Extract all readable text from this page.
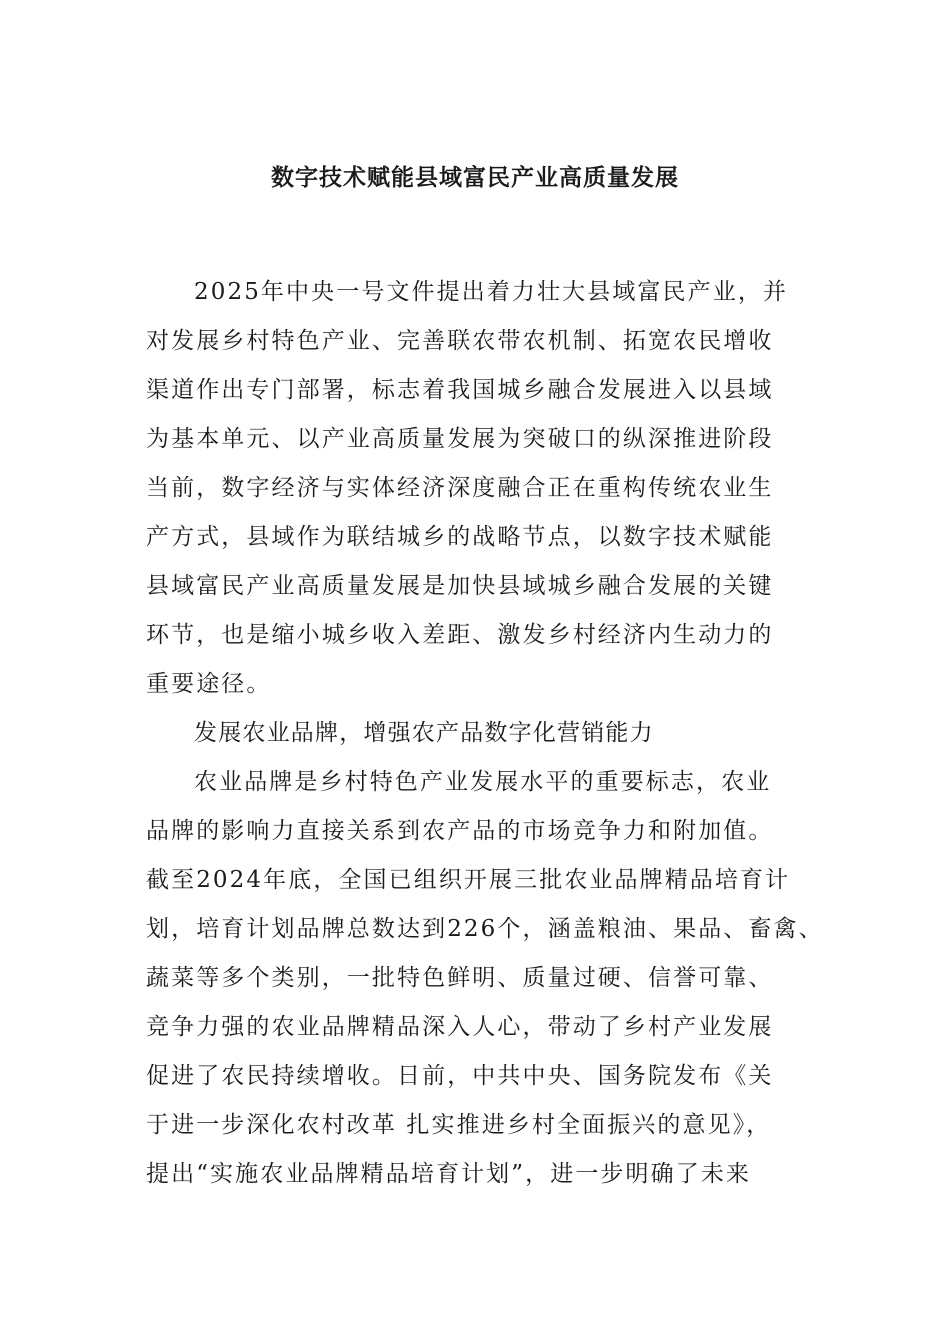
数字技术赋能县域富民产业高质量发展
2025年中央一号文件提出着力壮大县域富民产业，并
对发展乡村特色产业、完善联农带农机制、拓宽农民增收
渠道作出专门部署，标志着我国城乡融合发展进入以县域
为基本单元、以产业高质量发展为突破口的纵深推进阶段
当前，数字经济与实体经济深度融合正在重构传统农业生
产方式，县域作为联结城乡的战略节点，以数字技术赋能
县域富民产业高质量发展是加快县域城乡融合发展的关键
环节，也是缩小城乡收入差距、激发乡村经济内生动力的
重要途径。
发展农业品牌，增强农产品数字化营销能力
农业品牌是乡村特色产业发展水平的重要标志，农业
品牌的影响力直接关系到农产品的市场竞争力和附加值。
截至2024年底，全国已组织开展三批农业品牌精品培育计
划，培育计划品牌总数达到226个，涵盖粮油、果品、畜禽、
蔬菜等多个类别，一批特色鲜明、质量过硬、信誉可靠、
竞争力强的农业品牌精品深入人心，带动了乡村产业发展
促进了农民持续增收。日前，中共中央、国务院发布《关
于进一步深化农村改革 扎实推进乡村全面振兴的意见》，
提出“实施农业品牌精品培育计划”，进一步明确了未来
